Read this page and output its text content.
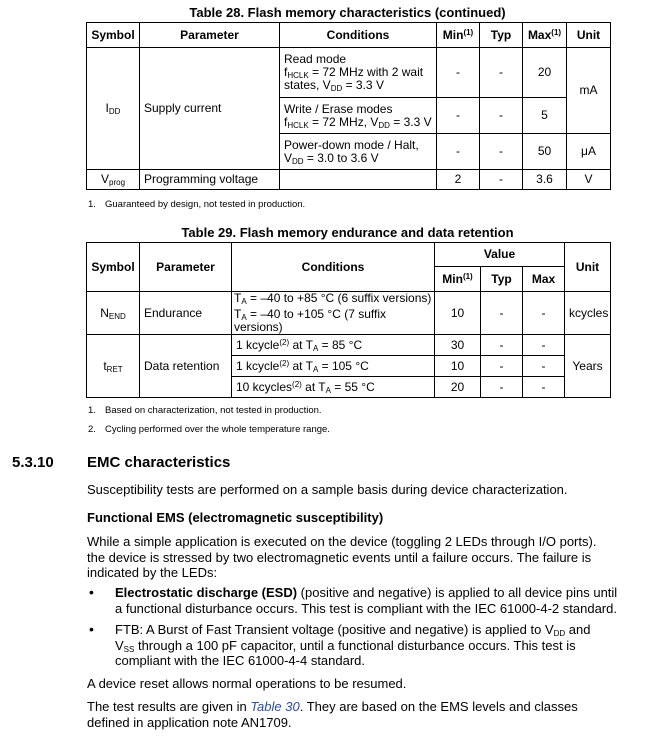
Table 28. Flash memory characteristics (continued)
Symbol	Parameter	Conditions	Min$^{(1)}$	Typ	Max$^{(1)}$	Unit
$I_{DD}$	Supply current	Read mode
$f_{HCLK} = 72$ MHz with 2 wait
states, $V_{DD} = 3.3$ V	-	-	20	mA

		Write / Erase modes
$f_{HCLK} = 72$ MHz, $V_{DD} = 3.3$ V	-	-	5	

		Power-down mode / Halt,
$V_{DD} = 3.0$ to 3.6 V	-	-	50	μA
$V_{prog}$	Programming voltage		2	-	3.6	V
1. Guaranteed by design, not tested in production.
Table 29. Flash memory endurance and data retention
Symbol	Parameter	Conditions	Value			Unit
			Min$^{(1)}$	Typ	Max	
$N_{END}$	Endurance	$T_A = -40$ to +85 °C (6 suffix versions)
$T_A = -40$ to +105 °C (7 suffix versions)	10	-	-	kcycles
$t_{RET}$	Data retention	1 kcycle$^{(2)}$ at $T_A = 85$ °C	30	-	-	Years
		1 kcycle$^{(2)}$ at $T_A = 105$ °C	10	-	-	
		10 kcycles$^{(2)}$ at $T_A = 55$ °C	20	-	-	
1. Based on characterization, not tested in production.
2. Cycling performed over the whole temperature range.
5.3.10 EMC characteristics
Susceptibility tests are performed on a sample basis during device characterization.
Functional EMS (electromagnetic susceptibility)
While a simple application is executed on the device (toggling 2 LEDs through I/O ports).
the device is stressed by two electromagnetic events until a failure occurs. The failure is
indicated by the LEDs:
• Electrostatic discharge (ESD) (positive and negative) is applied to all device pins until
a functional disturbance occurs. This test is compliant with the IEC 61000-4-2 standard.
• FTB: A Burst of Fast Transient voltage (positive and negative) is applied to $V_{DD}$ and
$V_{SS}$ through a 100 pF capacitor, until a functional disturbance occurs. This test is
compliant with the IEC 61000-4-4 standard.
A device reset allows normal operations to be resumed.
The test results are given in Table 30. They are based on the EMS levels and classes
defined in application note AN1709.
